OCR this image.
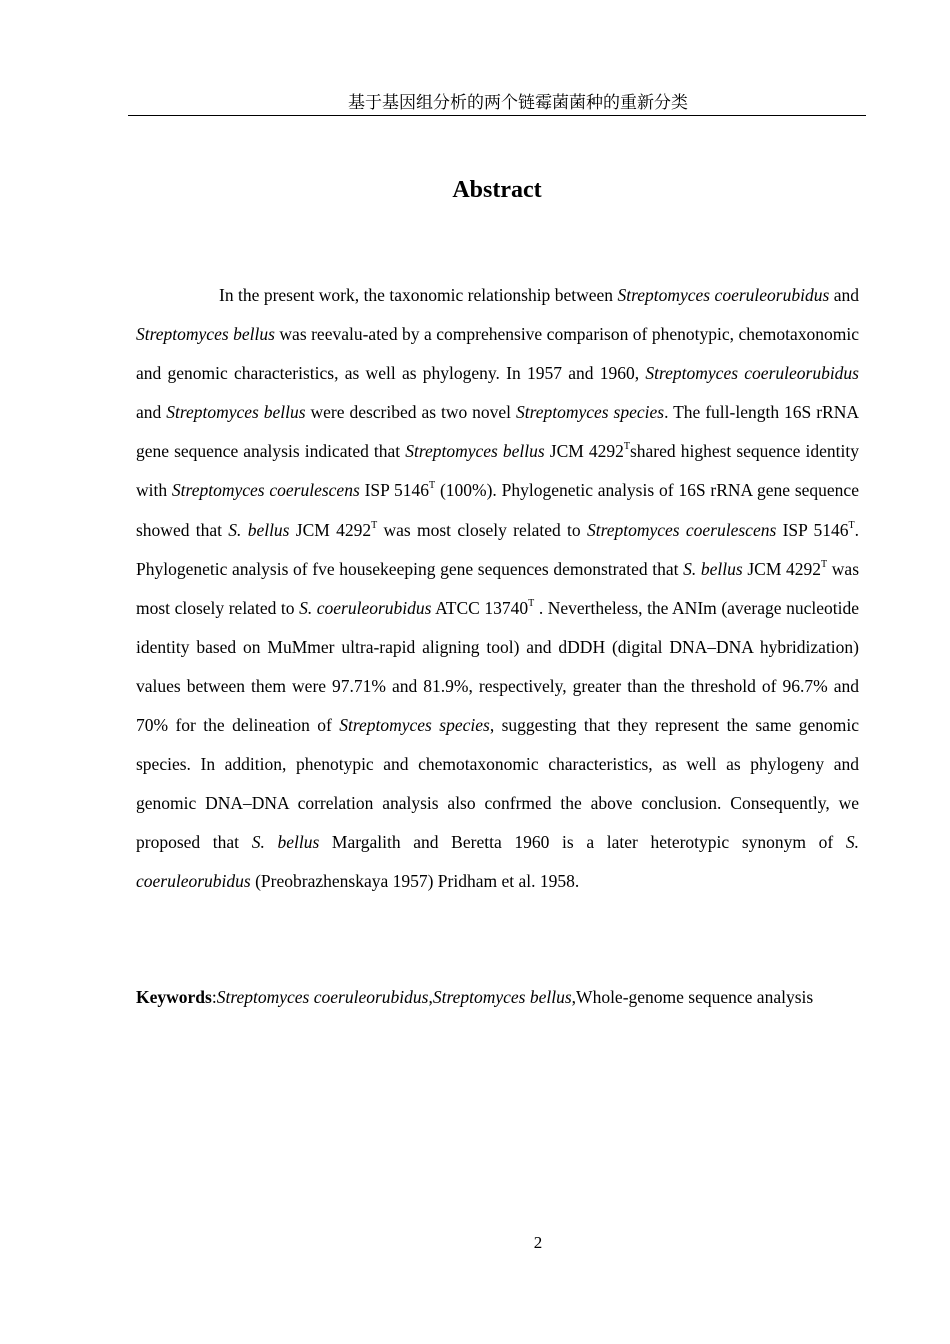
基于基因组分析的两个链霉菌菌种的重新分类
Abstract

In the present work, the taxonomic relationship between Streptomyces coeruleorubidus and Streptomyces bellus was reevalu-ated by a comprehensive comparison of phenotypic, chemotaxonomic and genomic characteristics, as well as phylogeny. In 1957 and 1960, Streptomyces coeruleorubidus and Streptomyces bellus were described as two novel Streptomyces species. The full-length 16S rRNA gene sequence analysis indicated that Streptomyces bellus JCM $4292^Tshared$ highest sequence identity with Streptomyces coerulescens ISP $5146^T$ (100%). Phylogenetic analysis of 16S rRNA gene sequence showed that S. bellus JCM $4292^T$ was most closely related to Streptomyces coerulescens ISP $5146^T$. Phylogenetic analysis of fve housekeeping gene sequences demonstrated that S. bellus JCM $4292^T$ was most closely related to S. coeruleorubidus ATCC $13740^T$ . Nevertheless, the ANIm (average nucleotide identity based on MuMmer ultra-rapid aligning tool) and dDDH (digital DNA–DNA hybridization) values between them were 97.71% and 81.9%, respectively, greater than the threshold of 96.7% and 70% for the delineation of Streptomyces species, suggesting that they represent the same genomic species. In addition, phenotypic and chemotaxonomic characteristics, as well as phylogeny and genomic DNA–DNA correlation analysis also confrmed the above conclusion. Consequently, we proposed that S. bellus Margalith and Beretta 1960 is a later heterotypic synonym of S. coeruleorubidus (Preobrazhenskaya 1957) Pridham et al. 1958.

Keywords:Streptomyces coeruleorubidus,Streptomyces bellus,Whole-genome sequence analysis

2
